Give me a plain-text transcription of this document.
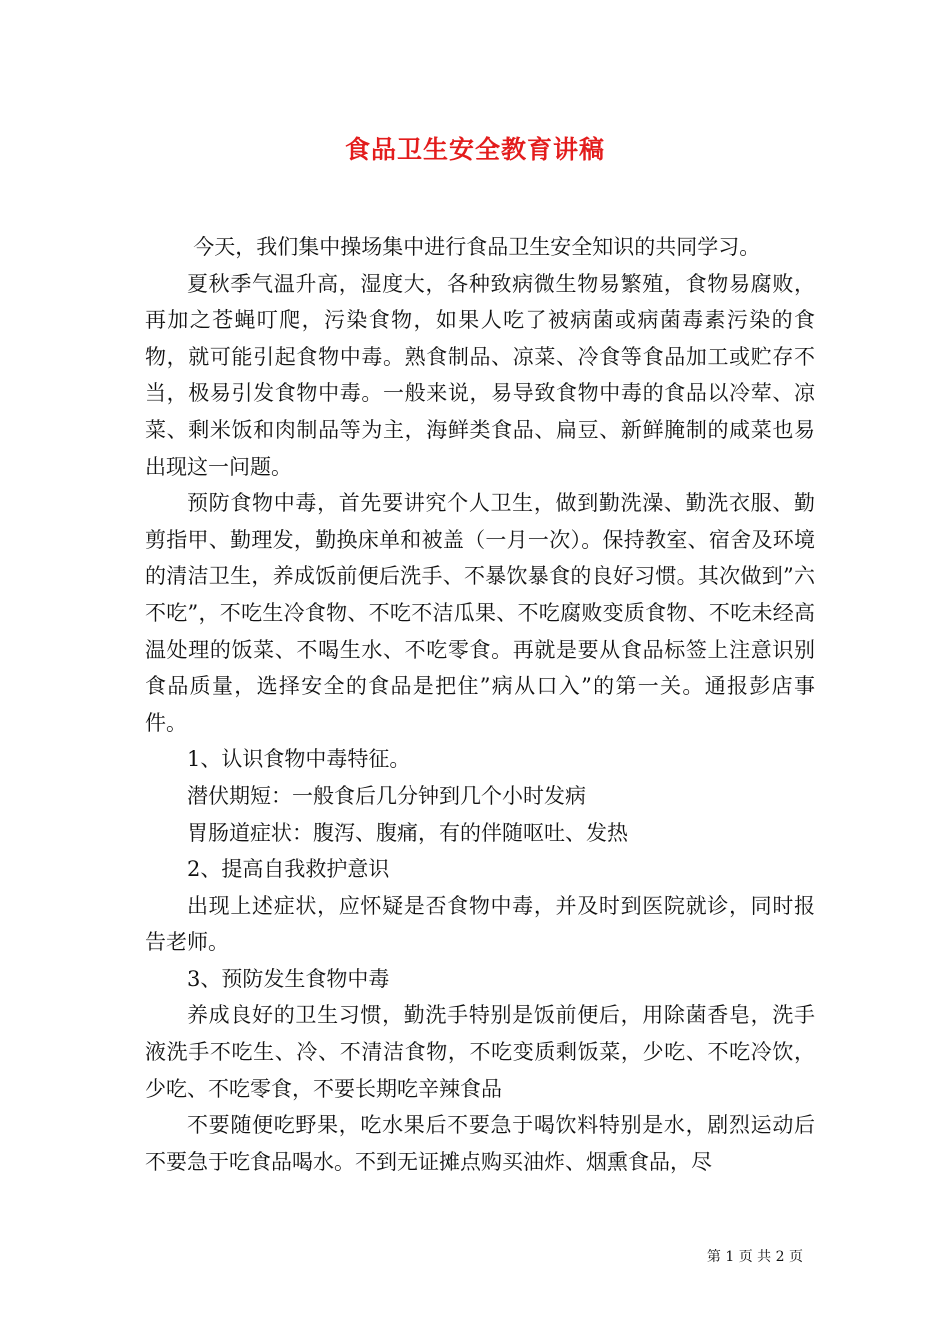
食品卫生安全教育讲稿

今天，我们集中操场集中进行食品卫生安全知识的共同学习。

夏秋季气温升高，湿度大，各种致病微生物易繁殖，食物易腐败，再加之苍蝇叮爬，污染食物，如果人吃了被病菌或病菌毒素污染的食物，就可能引起食物中毒。熟食制品、凉菜、冷食等食品加工或贮存不当，极易引发食物中毒。一般来说，易导致食物中毒的食品以冷荤、凉菜、剩米饭和肉制品等为主，海鲜类食品、扁豆、新鲜腌制的咸菜也易出现这一问题。

预防食物中毒，首先要讲究个人卫生，做到勤洗澡、勤洗衣服、勤剪指甲、勤理发，勤换床单和被盖（一月一次）。保持教室、宿舍及环境的清洁卫生，养成饭前便后洗手、不暴饮暴食的良好习惯。其次做到”六不吃”，不吃生冷食物、不吃不洁瓜果、不吃腐败变质食物、不吃未经高温处理的饭菜、不喝生水、不吃零食。再就是要从食品标签上注意识别食品质量，选择安全的食品是把住”病从口入”的第一关。通报彭店事件。

1、认识食物中毒特征。

潜伏期短：一般食后几分钟到几个小时发病

胃肠道症状：腹泻、腹痛，有的伴随呕吐、发热

2、提高自我救护意识

出现上述症状，应怀疑是否食物中毒，并及时到医院就诊，同时报告老师。

3、预防发生食物中毒

养成良好的卫生习惯，勤洗手特别是饭前便后，用除菌香皂，洗手液洗手不吃生、冷、不清洁食物，不吃变质剩饭菜，少吃、不吃冷饮，少吃、不吃零食，不要长期吃辛辣食品

不要随便吃野果，吃水果后不要急于喝饮料特别是水，剧烈运动后不要急于吃食品喝水。不到无证摊点购买油炸、烟熏食品，尽

第 1 页 共 2 页
